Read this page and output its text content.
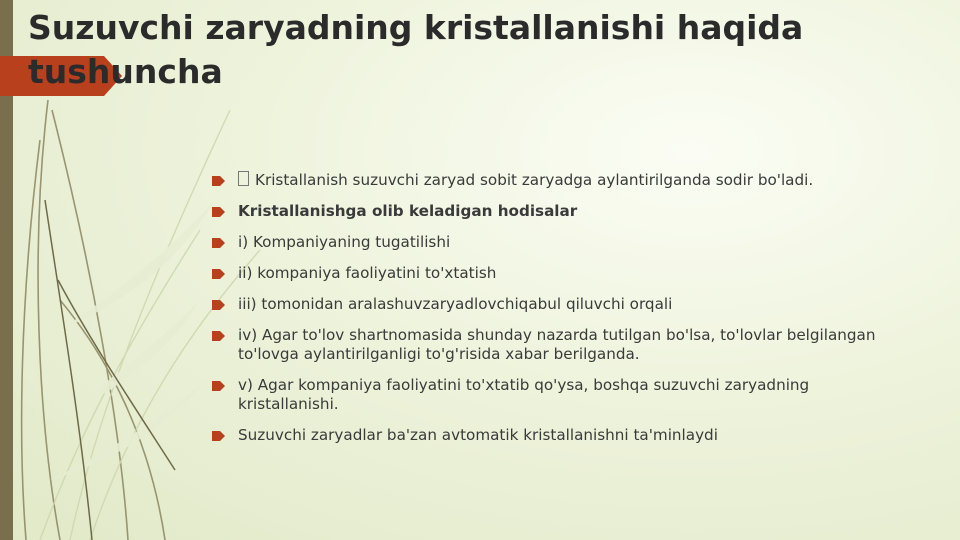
Suzuvchi zaryadning kristallanishi haqida tushuncha
Kristallanish suzuvchi zaryad sobit zaryadga aylantirilganda sodir bo'ladi.
Kristallanishga olib keladigan hodisalar
i) Kompaniyaning tugatilishi
ii) kompaniya faoliyatini to'xtatish
iii) tomonidan aralashuvzaryadlovchiqabul qiluvchi orqali
iv) Agar to'lov shartnomasida shunday nazarda tutilgan bo'lsa, to'lovlar belgilangan to'lovga aylantirilganligi to'g'risida xabar berilganda.
v) Agar kompaniya faoliyatini to'xtatib qo'ysa, boshqa suzuvchi zaryadning kristallanishi.
Suzuvchi zaryadlar ba'zan avtomatik kristallanishni ta'minlaydi
